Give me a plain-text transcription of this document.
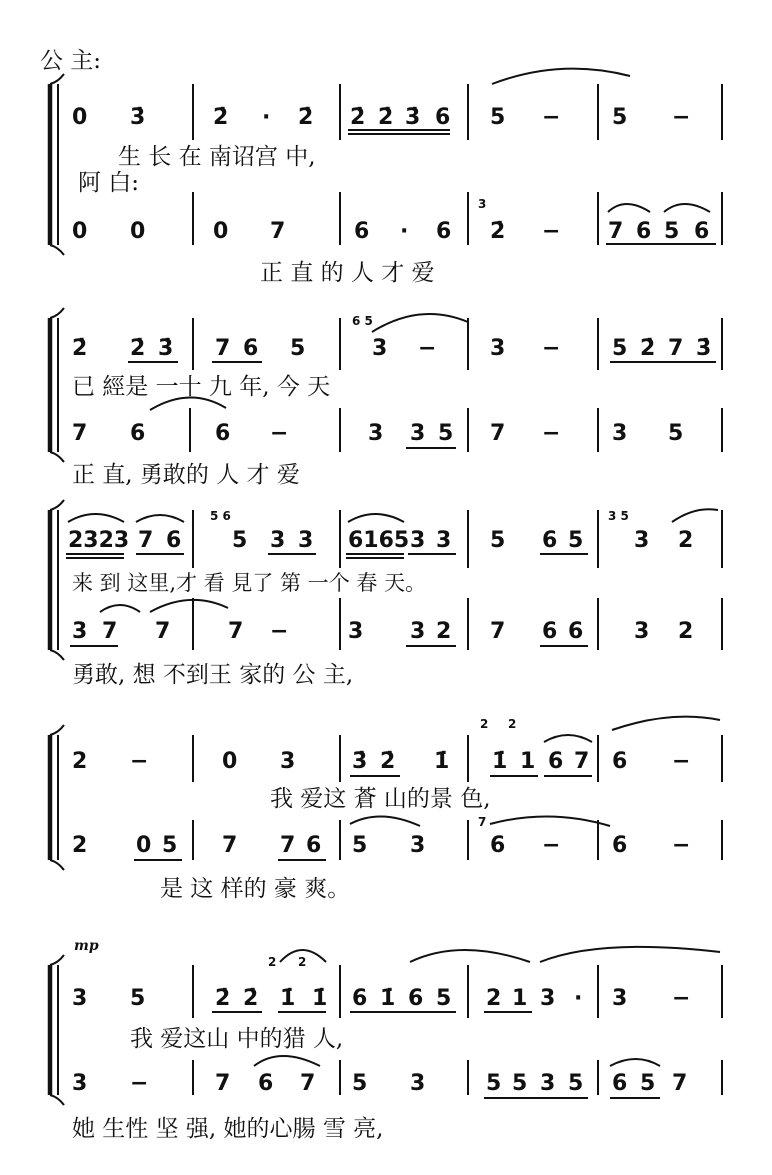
公 主:
0 3̇	2̇ · 2̇ 2̇ 2̇ 3̇ 6 5 − 5 −
生 长 在 南诏宫 中,
阿 白:
0 0	0 7	6 · 6 2̇ − 7 6 5 6
3
正 直 的 人 才 爱
2̇ 2̇ 3̇ 7 6 5	3 − 3 − 5 2̇ 7 3̇
6 5
已 經是 一十 九 年, 今 天
7 6	6 −	3 3 5 7 − 3 5
正 直, 勇敢的 人 才 爱
2323 7 6 5 3 3 6165 3 3 5 6 5 3 2
5 6	3 5
来 到 这里,才 看 見了 第 一个 春 天。
3 7 7	7 −	3 3 2 7 6 6 3 2
勇敢, 想 不到王 家的 公 主,
2 −	0 3	3̇ 2̇ 1̇ 1̇ 1 6 7 6 −
2 2
我 爱这 蒼 山的景 色,
2 0 5 7 7 6 5 3	6 − 6 −
7
是 这 样的 豪 爽。
mp
3 5	2̇ 2̇ 1̇ 1̇ 6 1̇ 6 5 2 1 3 · 3 −
2 2
我 爱这山 中的猎 人,
3 −	7 6 7 5 3	5 5 3 5 6 5 7
她 生性 坚 强, 她的心腸 雪 亮,
